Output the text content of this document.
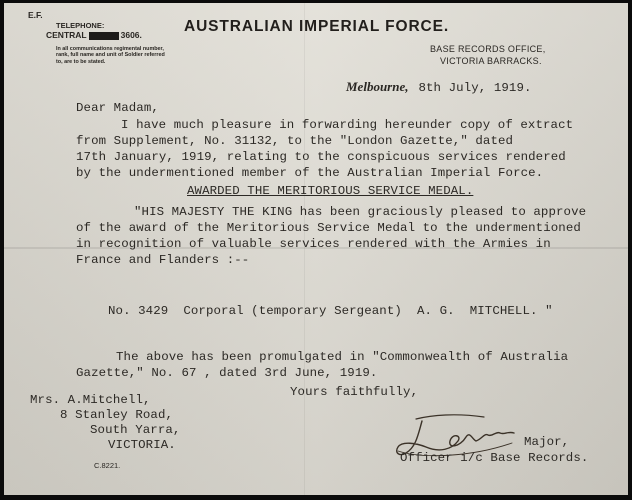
E.F.
TELEPHONE:
CENTRAL	3606.
In all communications regimental number,
rank, full name and unit of Soldier referred
to, are to be stated.
AUSTRALIAN IMPERIAL FORCE.
BASE RECORDS OFFICE,
VICTORIA BARRACKS.
Melbourne, 8th July, 1919.
Dear Madam,
I have much pleasure in forwarding hereunder copy of extract
from Supplement, No. 31132, to the "London Gazette," dated
17th January, 1919, relating to the conspicuous services rendered
by the undermentioned member of the Australian Imperial Force.
AWARDED THE MERITORIOUS SERVICE MEDAL.
"HIS MAJESTY THE KING has been graciously pleased to approve
of the award of the Meritorious Service Medal to the undermentioned
in recognition of valuable services rendered with the Armies in
France and Flanders :--
No. 3429  Corporal (temporary Sergeant)  A. G.  MITCHELL. "
The above has been promulgated in "Commonwealth of Australia
Gazette," No. 67 , dated 3rd June, 1919.
Yours faithfully,
Mrs. A.Mitchell,
8 Stanley Road,
South Yarra,
VICTORIA.	Major,
Officer i/c Base Records.
C.8221.
